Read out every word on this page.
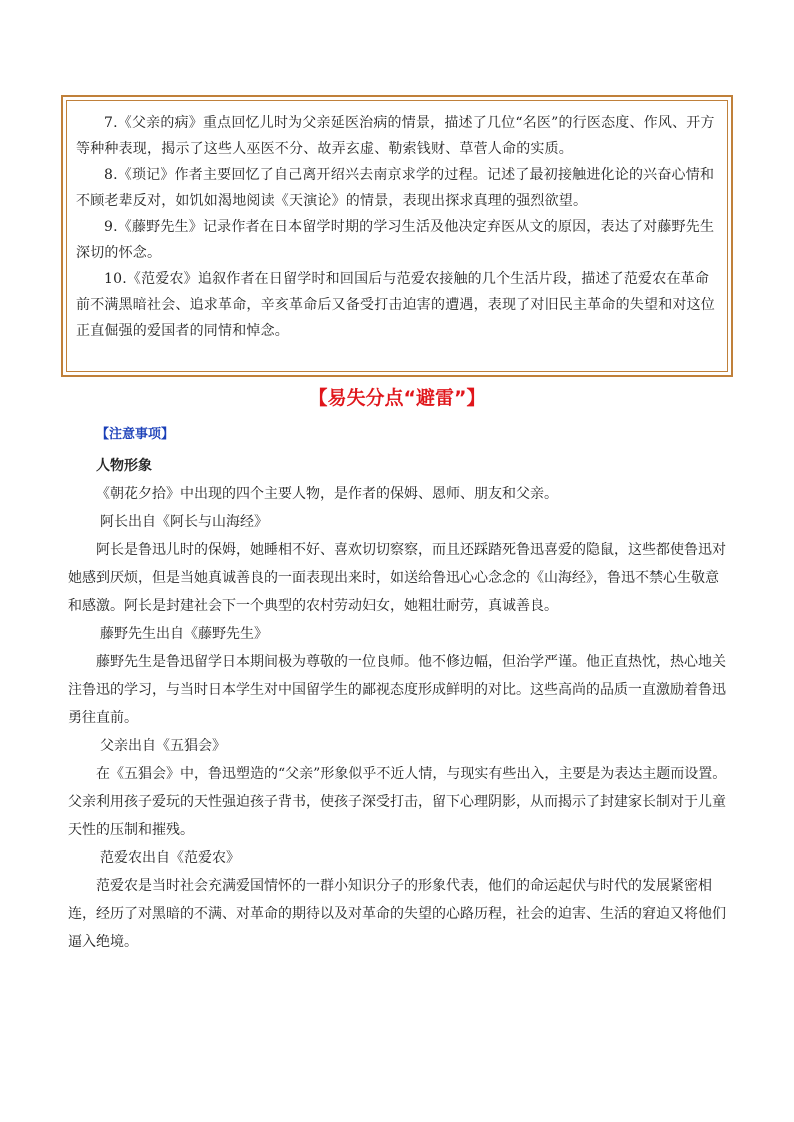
7.《父亲的病》重点回忆儿时为父亲延医治病的情景，描述了几位“名医”的行医态度、作风、开方等种种表现，揭示了这些人巫医不分、故弄玄虚、勒索钱财、草菅人命的实质。

8.《琐记》作者主要回忆了自己离开绍兴去南京求学的过程。记述了最初接触进化论的兴奋心情和不顾老辈反对，如饥如渴地阅读《天演论》的情景，表现出探求真理的强烈欲望。

9.《藤野先生》记录作者在日本留学时期的学习生活及他决定弃医从文的原因，表达了对藤野先生深切的怀念。

10.《范爱农》追叙作者在日留学时和回国后与范爱农接触的几个生活片段，描述了范爱农在革命前不满黑暗社会、追求革命，辛亥革命后又备受打击迫害的遭遇，表现了对旧民主革命的失望和对这位正直倔强的爱国者的同情和悼念。

【易失分点“避雷”】
【注意事项】

人物形象

《朝花夕拾》中出现的四个主要人物，是作者的保姆、恩师、朋友和父亲。

阿长出自《阿长与山海经》

阿长是鲁迅儿时的保姆，她睡相不好、喜欢切切察察，而且还踩踏死鲁迅喜爱的隐鼠，这些都使鲁迅对她感到厌烦，但是当她真诚善良的一面表现出来时，如送给鲁迅心心念念的《山海经》，鲁迅不禁心生敬意和感激。阿长是封建社会下一个典型的农村劳动妇女，她粗壮耐劳，真诚善良。

藤野先生出自《藤野先生》

藤野先生是鲁迅留学日本期间极为尊敬的一位良师。他不修边幅，但治学严谨。他正直热忱，热心地关注鲁迅的学习，与当时日本学生对中国留学生的鄙视态度形成鲜明的对比。这些高尚的品质一直激励着鲁迅勇往直前。

父亲出自《五猖会》

在《五猖会》中，鲁迅塑造的“父亲”形象似乎不近人情，与现实有些出入，主要是为表达主题而设置。父亲利用孩子爱玩的天性强迫孩子背书，使孩子深受打击，留下心理阴影，从而揭示了封建家长制对于儿童天性的压制和摧残。

范爱农出自《范爱农》

范爱农是当时社会充满爱国情怀的一群小知识分子的形象代表，他们的命运起伏与时代的发展紧密相连，经历了对黑暗的不满、对革命的期待以及对革命的失望的心路历程，社会的迫害、生活的窘迫又将他们逼入绝境。
